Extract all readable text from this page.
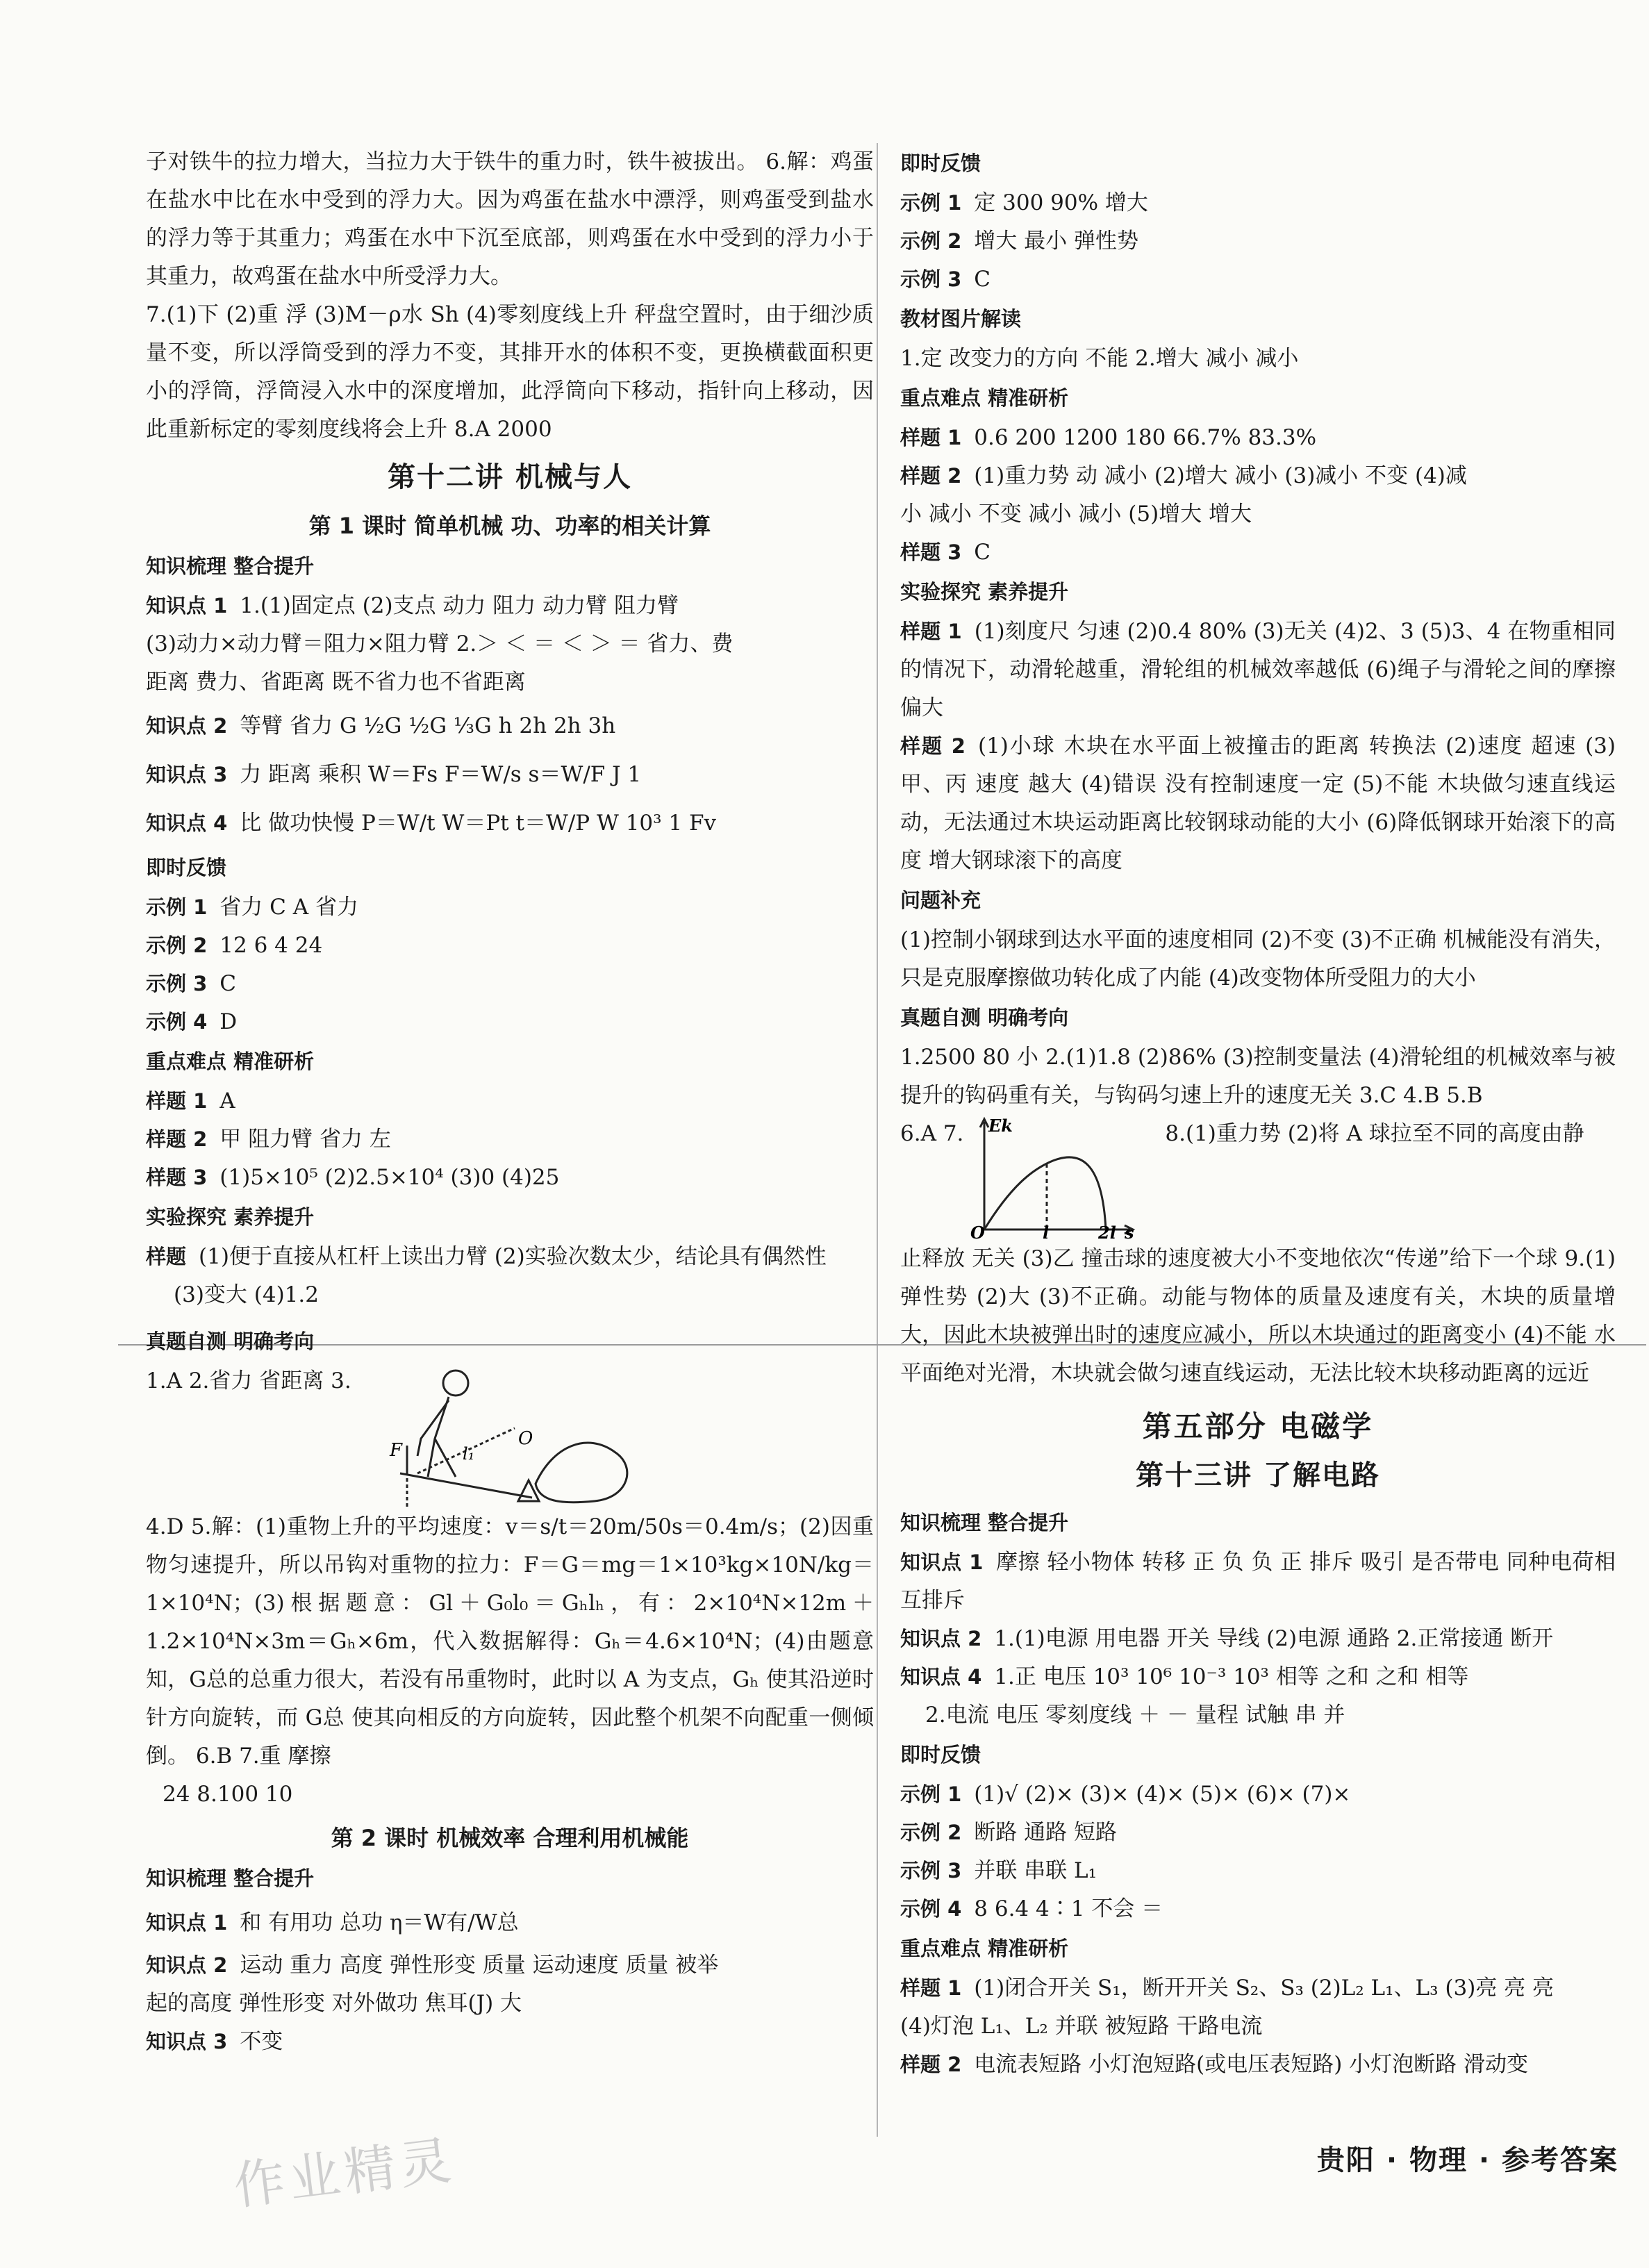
子对铁牛的拉力增大，当拉力大于铁牛的重力时，铁牛被拔出。 6.解：鸡蛋在盐水中比在水中受到的浮力大。因为鸡蛋在盐水中漂浮，则鸡蛋受到盐水的浮力等于其重力；鸡蛋在水中下沉至底部，则鸡蛋在水中受到的浮力小于其重力，故鸡蛋在盐水中所受浮力大。

7.(1)下 (2)重 浮 (3)M－ρ水 Sh (4)零刻度线上升 秤盘空置时，由于细沙质量不变，所以浮筒受到的浮力不变，其排开水的体积不变，更换横截面积更小的浮筒，浮筒浸入水中的深度增加，此浮筒向下移动，指针向上移动，因此重新标定的零刻度线将会上升 8.A 2000

第十二讲 机械与人
第 1 课时 简单机械 功、功率的相关计算
知识梳理 整合提升

知识点 1 1.(1)固定点 (2)支点 动力 阻力 动力臂 阻力臂

(3)动力×动力臂＝阻力×阻力臂 2.＞ ＜ ＝ ＜ ＞ ＝ 省力、费

距离 费力、省距离 既不省力也不省距离

知识点 2 等臂 省力 G ½G ½G ⅓G h 2h 2h 3h

知识点 3 力 距离 乘积 W＝Fs F＝W/s s＝W/F J 1

知识点 4 比 做功快慢 P＝W/t W＝Pt t＝W/P W 10³ 1 Fv

即时反馈

示例 1 省力 C A 省力

示例 2 12 6 4 24

示例 3 C

示例 4 D

重点难点 精准研析

样题 1 A

样题 2 甲 阻力臂 省力 左

样题 3 (1)5×10⁵ (2)2.5×10⁴ (3)0 (4)25

实验探究 素养提升

样题 (1)便于直接从杠杆上读出力臂 (2)实验次数太少，结论具有偶然性

(3)变大 (4)1.2

真题自测 明确考向
1.A 2.省力 省距离 3.
F	l₁
O

4.D 5.解：(1)重物上升的平均速度：v＝s/t＝20m/50s＝0.4m/s；(2)因重物匀速提升，所以吊钩对重物的拉力：F＝G＝mg＝1×10³kg×10N/kg＝1×10⁴N；(3)根据题意：Gl＋G₀l₀＝Gₕlₕ，有：2×10⁴N×12m＋1.2×10⁴N×3m＝Gₕ×6m，代入数据解得：Gₕ＝4.6×10⁴N；(4)由题意知，G总的总重力很大，若没有吊重物时，此时以 A 为支点，Gₕ 使其沿逆时针方向旋转，而 G总 使其向相反的方向旋转，因此整个机架不向配重一侧倾倒。 6.B 7.重 摩擦

24 8.100 10

第 2 课时 机械效率 合理利用机械能
知识梳理 整合提升

知识点 1 和 有用功 总功 η＝W有/W总

知识点 2 运动 重力 高度 弹性形变 质量 运动速度 质量 被举

起的高度 弹性形变 对外做功 焦耳(J) 大

知识点 3 不变

即时反馈

示例 1 定 300 90% 增大

示例 2 增大 最小 弹性势

示例 3 C

教材图片解读

1.定 改变力的方向 不能 2.增大 减小 减小

重点难点 精准研析

样题 1 0.6 200 1200 180 66.7% 83.3%

样题 2 (1)重力势 动 减小 (2)增大 减小 (3)减小 不变 (4)减

小 减小 不变 减小 减小 (5)增大 增大

样题 3 C

实验探究 素养提升

样题 1 (1)刻度尺 匀速 (2)0.4 80% (3)无关 (4)2、3 (5)3、4 在物重相同的情况下，动滑轮越重，滑轮组的机械效率越低 (6)绳子与滑轮之间的摩擦 偏大

样题 2 (1)小球 木块在水平面上被撞击的距离 转换法 (2)速度 超速 (3)甲、丙 速度 越大 (4)错误 没有控制速度一定 (5)不能 木块做匀速直线运动，无法通过木块运动距离比较钢球动能的大小 (6)降低钢球开始滚下的高度 增大钢球滚下的高度

问题补充

(1)控制小钢球到达水平面的速度相同 (2)不变 (3)不正确 机械能没有消失，只是克服摩擦做功转化成了内能 (4)改变物体所受阻力的大小

真题自测 明确考向

1.2500 80 小 2.(1)1.8 (2)86% (3)控制变量法 (4)滑轮组的机械效率与被提升的钩码重有关，与钩码匀速上升的速度无关 3.C 4.B 5.B

6.A 7. Ek
O	l	2l s
8.(1)重力势 (2)将 A 球拉至不同的高度由静

止释放 无关 (3)乙 撞击球的速度被大小不变地依次“传递”给下一个球 9.(1)弹性势 (2)大 (3)不正确。动能与物体的质量及速度有关，木块的质量增大，因此木块被弹出时的速度应减小，所以木块通过的距离变小 (4)不能 水平面绝对光滑，木块就会做匀速直线运动，无法比较木块移动距离的远近

第五部分 电磁学
第十三讲 了解电路
知识梳理 整合提升

知识点 1 摩擦 轻小物体 转移 正 负 负 正 排斥 吸引 是否带电 同种电荷相互排斥

知识点 2 1.(1)电源 用电器 开关 导线 (2)电源 通路 2.正常接通 断开

知识点 4 1.正 电压 10³ 10⁶ 10⁻³ 10³ 相等 之和 之和 相等

2.电流 电压 零刻度线 ＋ － 量程 试触 串 并

即时反馈

示例 1 (1)√ (2)× (3)× (4)× (5)× (6)× (7)×

示例 2 断路 通路 短路

示例 3 并联 串联 L₁

示例 4 8 6.4 4∶1 不会 ＝

重点难点 精准研析

样题 1 (1)闭合开关 S₁，断开开关 S₂、S₃ (2)L₂ L₁、L₃ (3)亮 亮 亮

(4)灯泡 L₁、L₂ 并联 被短路 干路电流

样题 2 电流表短路 小灯泡短路(或电压表短路) 小灯泡断路 滑动变

作业精灵	贵阳 · 物理 · 参考答案
